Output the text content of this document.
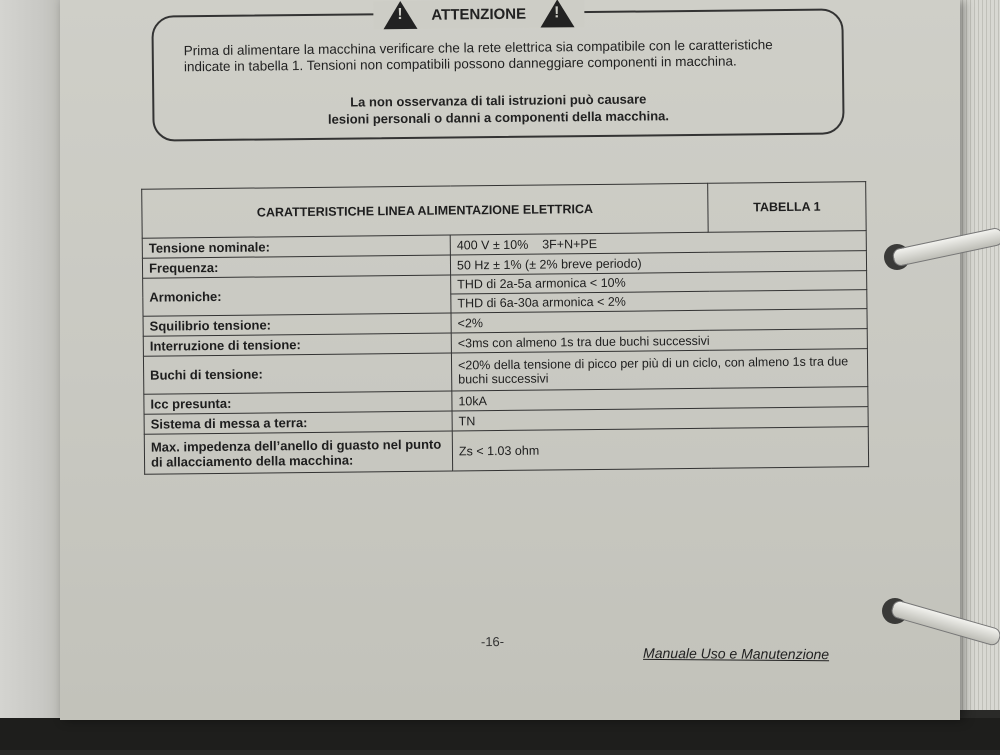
!
ATTENZIONE
!
Prima di alimentare la macchina verificare che la rete elettrica sia compatibile con le caratteristiche indicate in tabella 1. Tensioni non compatibili possono danneggiare componenti in macchina.
La non osservanza di tali istruzioni può causare
lesioni personali o danni a componenti della macchina.
CARATTERISTICHE LINEA ALIMENTAZIONE ELETTRICA		TABELLA 1
Tensione nominale:	400 V ± 10%    3F+N+PE	
Frequenza:	50 Hz ± 1% (± 2% breve periodo)	
Armoniche:	THD di 2a-5a armonica < 10%	
	THD di 6a-30a armonica < 2%	
Squilibrio tensione:	<2%	
Interruzione di tensione:	<3ms con almeno 1s tra due buchi successivi	
Buchi di tensione:	<20% della tensione di picco per più di un ciclo, con almeno 1s tra due buchi successivi	
Icc presunta:	10kA	
Sistema di messa a terra:	TN	
Max. impedenza dell’anello di guasto nel punto di allacciamento della macchina:	Zs < 1.03 ohm	
-16-
Manuale Uso e Manutenzione
